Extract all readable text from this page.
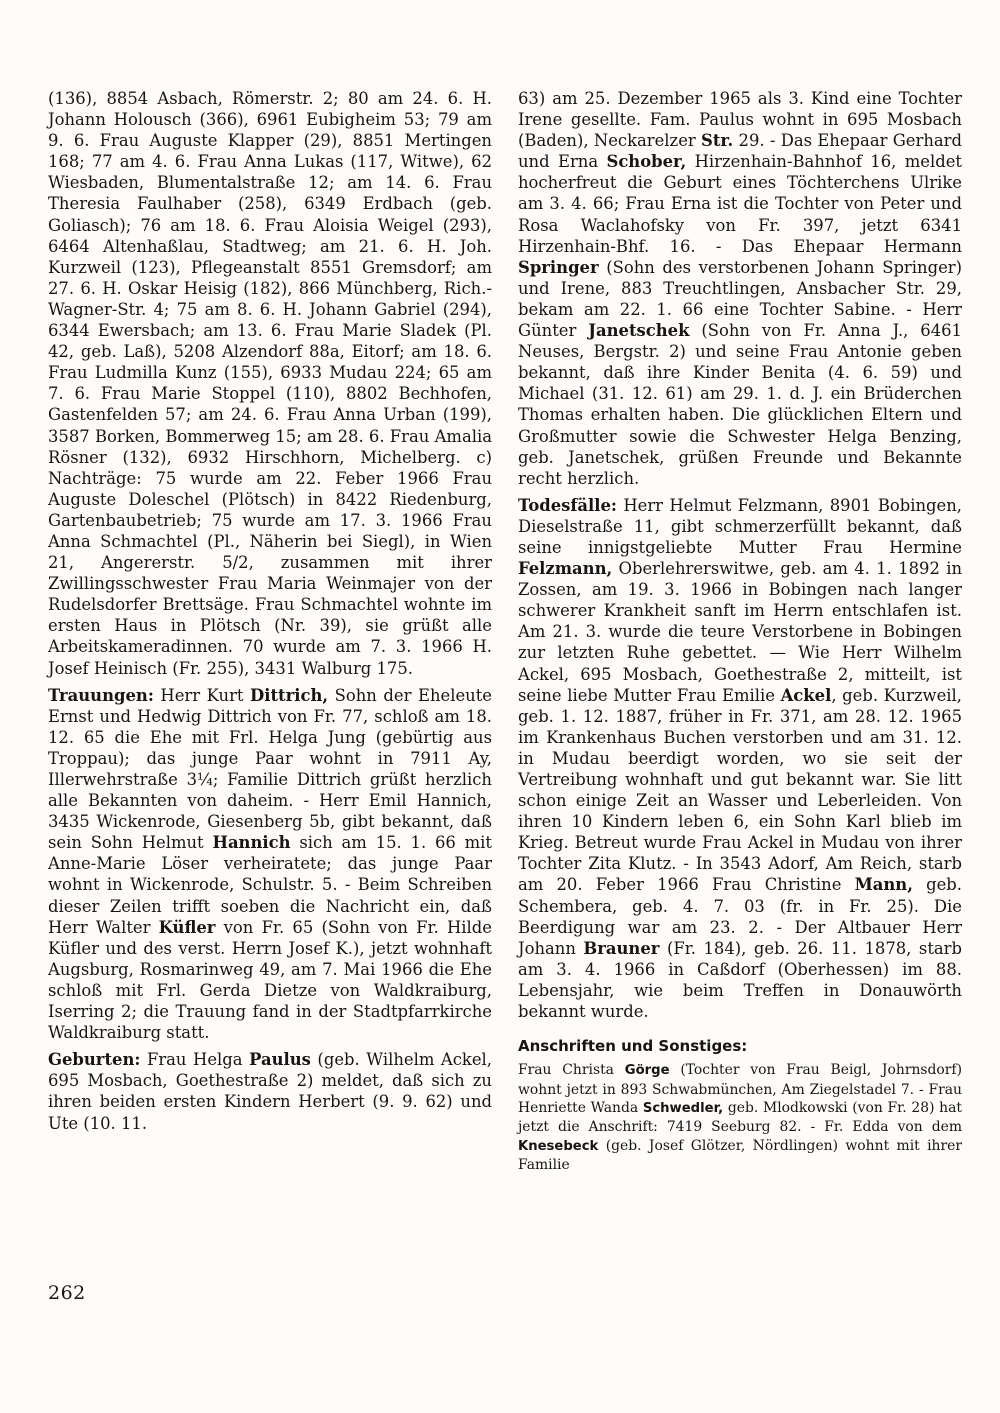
(136), 8854 Asbach, Römerstr. 2; 80 am 24. 6. H. Johann Holousch (366), 6961 Eubigheim 53; 79 am 9. 6. Frau Auguste Klapper (29), 8851 Mertingen 168; 77 am 4. 6. Frau Anna Lukas (117, Witwe), 62 Wiesbaden, Blumentalstraße 12; am 14. 6. Frau Theresia Faulhaber (258), 6349 Erdbach (geb. Goliasch); 76 am 18. 6. Frau Aloisia Weigel (293), 6464 Altenhaßlau, Stadtweg; am 21. 6. H. Joh. Kurzweil (123), Pflegeanstalt 8551 Gremsdorf; am 27. 6. H. Oskar Heisig (182), 866 Münchberg, Rich.-Wagner-Str. 4; 75 am 8. 6. H. Johann Gabriel (294), 6344 Ewersbach; am 13. 6. Frau Marie Sladek (Pl. 42, geb. Laß), 5208 Alzendorf 88a, Eitorf; am 18. 6. Frau Ludmilla Kunz (155), 6933 Mudau 224; 65 am 7. 6. Frau Marie Stoppel (110), 8802 Bechhofen, Gastenfelden 57; am 24. 6. Frau Anna Urban (199), 3587 Borken, Bommerweg 15; am 28. 6. Frau Amalia Rösner (132), 6932 Hirschhorn, Michelberg. c) Nachträge: 75 wurde am 22. Feber 1966 Frau Auguste Doleschel (Plötsch) in 8422 Riedenburg, Gartenbaubetrieb; 75 wurde am 17. 3. 1966 Frau Anna Schmachtel (Pl., Näherin bei Siegl), in Wien 21, Angererstr. 5/2, zusammen mit ihrer Zwillingsschwester Frau Maria Weinmajer von der Rudelsdorfer Brettsäge. Frau Schmachtel wohnte im ersten Haus in Plötsch (Nr. 39), sie grüßt alle Arbeitskameradinnen. 70 wurde am 7. 3. 1966 H. Josef Heinisch (Fr. 255), 3431 Walburg 175.

Trauungen: Herr Kurt Dittrich, Sohn der Eheleute Ernst und Hedwig Dittrich von Fr. 77, schloß am 18. 12. 65 die Ehe mit Frl. Helga Jung (gebürtig aus Troppau); das junge Paar wohnt in 7911 Ay, Illerwehrstraße 3¼; Familie Dittrich grüßt herzlich alle Bekannten von daheim. - Herr Emil Hannich, 3435 Wickenrode, Giesenberg 5b, gibt bekannt, daß sein Sohn Helmut Hannich sich am 15. 1. 66 mit Anne-Marie Löser verheiratete; das junge Paar wohnt in Wickenrode, Schulstr. 5. - Beim Schreiben dieser Zeilen trifft soeben die Nachricht ein, daß Herr Walter Küfler von Fr. 65 (Sohn von Fr. Hilde Küfler und des verst. Herrn Josef K.), jetzt wohnhaft Augsburg, Rosmarinweg 49, am 7. Mai 1966 die Ehe schloß mit Frl. Gerda Dietze von Waldkraiburg, Iserring 2; die Trauung fand in der Stadtpfarrkirche Waldkraiburg statt.

Geburten: Frau Helga Paulus (geb. Wilhelm Ackel, 695 Mosbach, Goethestraße 2) meldet, daß sich zu ihren beiden ersten Kindern Herbert (9. 9. 62) und Ute (10. 11.

63) am 25. Dezember 1965 als 3. Kind eine Tochter Irene gesellte. Fam. Paulus wohnt in 695 Mosbach (Baden), Neckarelzer Str. 29. - Das Ehepaar Gerhard und Erna Schober, Hirzenhain-Bahnhof 16, meldet hocherfreut die Geburt eines Töchterchens Ulrike am 3. 4. 66; Frau Erna ist die Tochter von Peter und Rosa Waclahofsky von Fr. 397, jetzt 6341 Hirzenhain-Bhf. 16. - Das Ehepaar Hermann Springer (Sohn des verstorbenen Johann Springer) und Irene, 883 Treuchtlingen, Ansbacher Str. 29, bekam am 22. 1. 66 eine Tochter Sabine. - Herr Günter Janetschek (Sohn von Fr. Anna J., 6461 Neuses, Bergstr. 2) und seine Frau Antonie geben bekannt, daß ihre Kinder Benita (4. 6. 59) und Michael (31. 12. 61) am 29. 1. d. J. ein Brüderchen Thomas erhalten haben. Die glücklichen Eltern und Großmutter sowie die Schwester Helga Benzing, geb. Janetschek, grüßen Freunde und Bekannte recht herzlich.

Todesfälle: Herr Helmut Felzmann, 8901 Bobingen, Dieselstraße 11, gibt schmerzerfüllt bekannt, daß seine innigstgeliebte Mutter Frau Hermine Felzmann, Oberlehrerswitwe, geb. am 4. 1. 1892 in Zossen, am 19. 3. 1966 in Bobingen nach langer schwerer Krankheit sanft im Herrn entschlafen ist. Am 21. 3. wurde die teure Verstorbene in Bobingen zur letzten Ruhe gebettet. — Wie Herr Wilhelm Ackel, 695 Mosbach, Goethestraße 2, mitteilt, ist seine liebe Mutter Frau Emilie Ackel, geb. Kurzweil, geb. 1. 12. 1887, früher in Fr. 371, am 28. 12. 1965 im Krankenhaus Buchen verstorben und am 31. 12. in Mudau beerdigt worden, wo sie seit der Vertreibung wohnhaft und gut bekannt war. Sie litt schon einige Zeit an Wasser und Leberleiden. Von ihren 10 Kindern leben 6, ein Sohn Karl blieb im Krieg. Betreut wurde Frau Ackel in Mudau von ihrer Tochter Zita Klutz. - In 3543 Adorf, Am Reich, starb am 20. Feber 1966 Frau Christine Mann, geb. Schembera, geb. 4. 7. 03 (fr. in Fr. 25). Die Beerdigung war am 23. 2. - Der Altbauer Herr Johann Brauner (Fr. 184), geb. 26. 11. 1878, starb am 3. 4. 1966 in Caßdorf (Oberhessen) im 88. Lebensjahr, wie beim Treffen in Donauwörth bekannt wurde.

Anschriften und Sonstiges:

Frau Christa Görge (Tochter von Frau Beigl, Johrnsdorf) wohnt jetzt in 893 Schwabmünchen, Am Ziegelstadel 7. - Frau Henriette Wanda Schwedler, geb. Mlodkowski (von Fr. 28) hat jetzt die Anschrift: 7419 Seeburg 82. - Fr. Edda von dem Knesebeck (geb. Josef Glötzer, Nördlingen) wohnt mit ihrer Familie

262
